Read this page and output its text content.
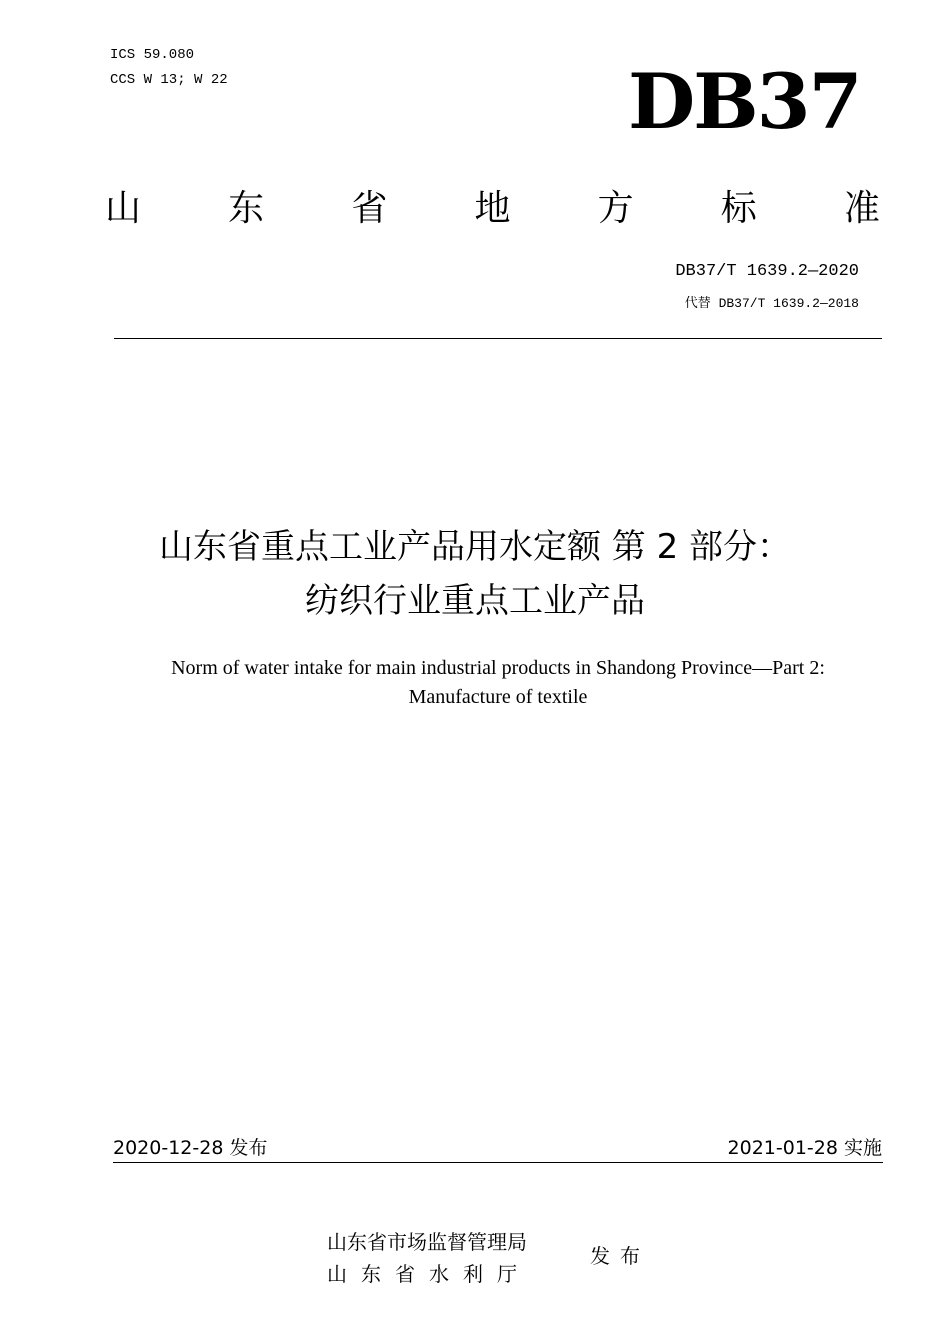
ICS 59.080
CCS W 13; W 22	DB37
山 东 省 地 方 标 准
DB37/T 1639.2—2020
代替 DB37/T 1639.2—2018
山东省重点工业产品用水定额 第 2 部分：
纺织行业重点工业产品
Norm of water intake for main industrial products in Shandong Province—Part 2:
Manufacture of textile
2020-12-28 发布	2021-01-28 实施
山东省市场监督管理局
山东省水利厅
发布
